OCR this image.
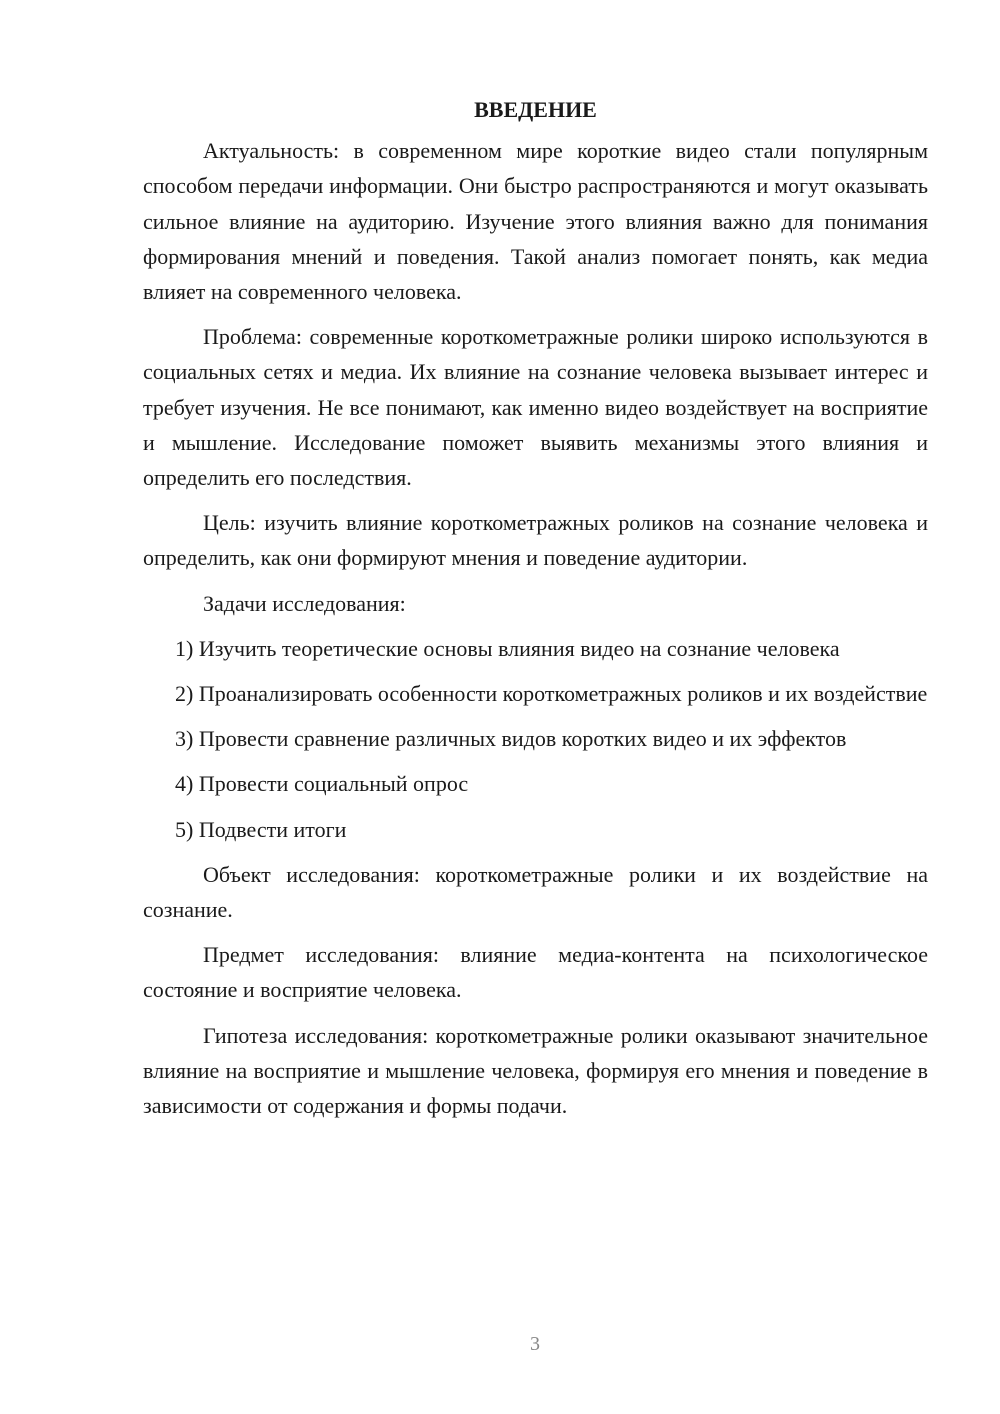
ВВЕДЕНИЕ

Актуальность: в современном мире короткие видео стали популярным способом передачи информации. Они быстро распространяются и могут оказывать сильное влияние на аудиторию. Изучение этого влияния важно для понимания формирования мнений и поведения. Такой анализ помогает понять, как медиа влияет на современного человека.

Проблема: современные короткометражные ролики широко используются в социальных сетях и медиа. Их влияние на сознание человека вызывает интерес и требует изучения. Не все понимают, как именно видео воздействует на восприятие и мышление. Исследование поможет выявить механизмы этого влияния и определить его последствия.

Цель: изучить влияние короткометражных роликов на сознание человека и определить, как они формируют мнения и поведение аудитории.

Задачи исследования:

1) Изучить теоретические основы влияния видео на сознание человека

2) Проанализировать особенности короткометражных роликов и их воздействие

3) Провести сравнение различных видов коротких видео и их эффектов

4) Провести социальный опрос

5) Подвести итоги

Объект исследования: короткометражные ролики и их воздействие на сознание.

Предмет исследования: влияние медиа-контента на психологическое состояние и восприятие человека.

Гипотеза исследования: короткометражные ролики оказывают значительное влияние на восприятие и мышление человека, формируя его мнения и поведение в зависимости от содержания и формы подачи.

3
